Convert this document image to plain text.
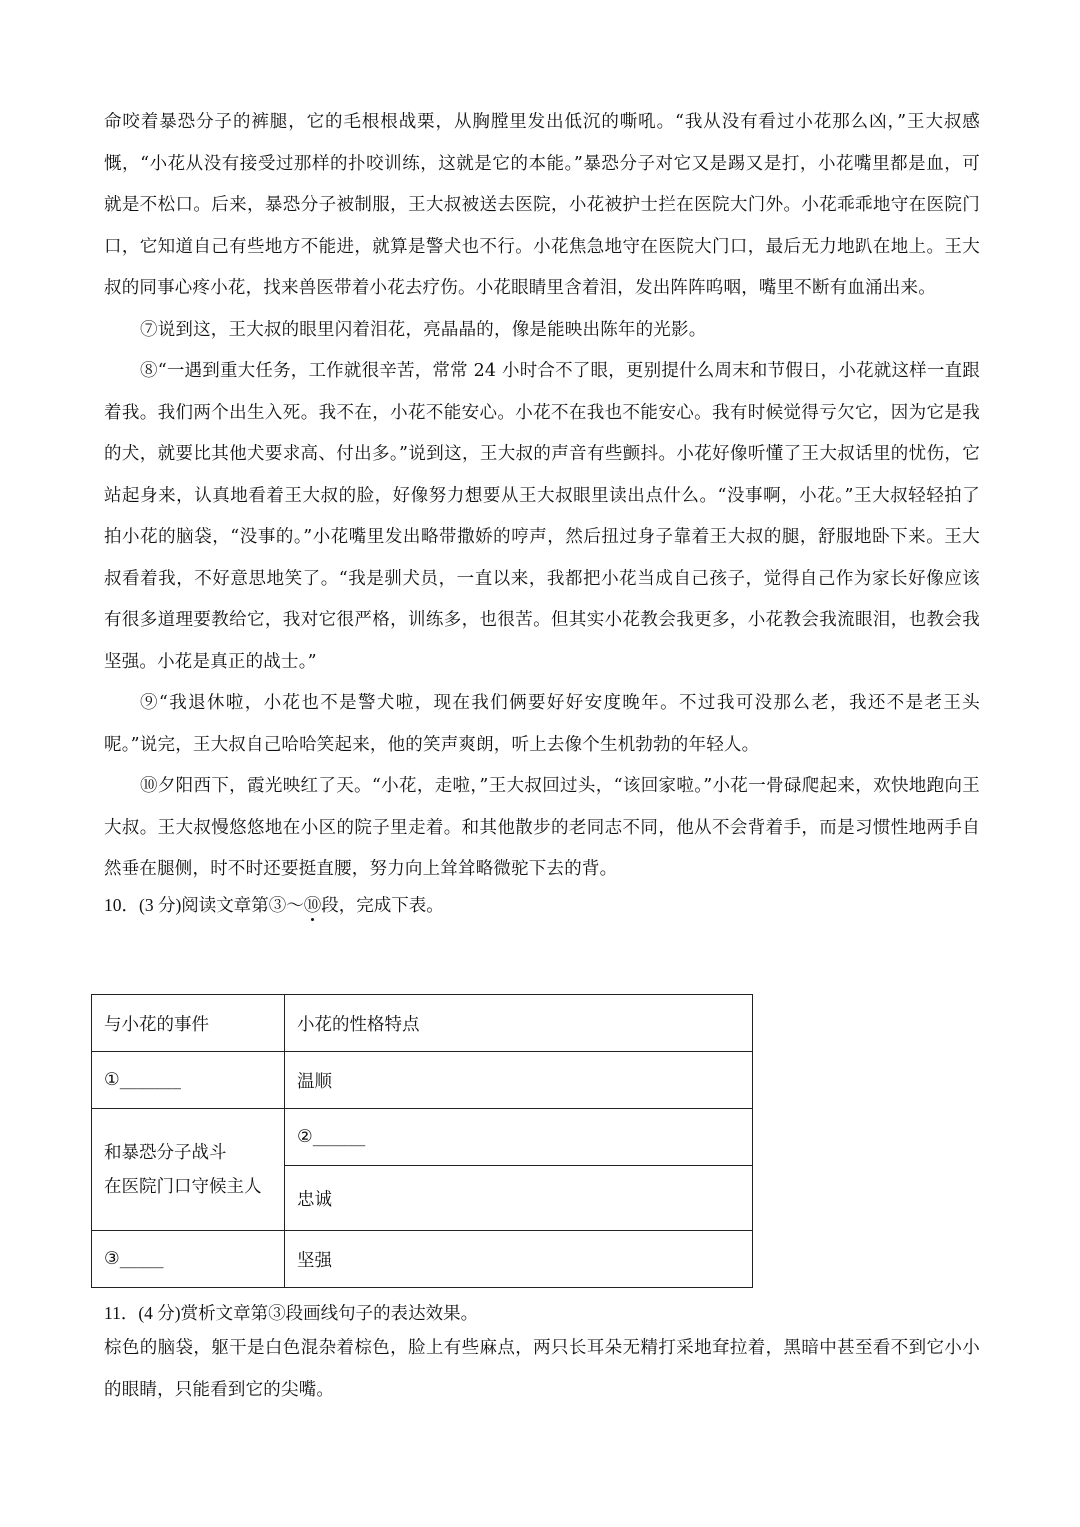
命咬着暴恐分子的裤腿，它的毛根根战栗，从胸膛里发出低沉的嘶吼。“我从没有看过小花那么凶，”王大叔感慨，“小花从没有接受过那样的扑咬训练，这就是它的本能。”暴恐分子对它又是踢又是打，小花嘴里都是血，可就是不松口。后来，暴恐分子被制服，王大叔被送去医院，小花被护士拦在医院大门外。小花乖乖地守在医院门口，它知道自己有些地方不能进，就算是警犬也不行。小花焦急地守在医院大门口，最后无力地趴在地上。王大叔的同事心疼小花，找来兽医带着小花去疗伤。小花眼睛里含着泪，发出阵阵呜咽，嘴里不断有血涌出来。

⑦说到这，王大叔的眼里闪着泪花，亮晶晶的，像是能映出陈年的光影。

⑧“一遇到重大任务，工作就很辛苦，常常 24 小时合不了眼，更别提什么周末和节假日，小花就这样一直跟着我。我们两个出生入死。我不在，小花不能安心。小花不在我也不能安心。我有时候觉得亏欠它，因为它是我的犬，就要比其他犬要求高、付出多。”说到这，王大叔的声音有些颤抖。小花好像听懂了王大叔话里的忧伤，它站起身来，认真地看着王大叔的脸，好像努力想要从王大叔眼里读出点什么。“没事啊，小花。”王大叔轻轻拍了拍小花的脑袋，“没事的。”小花嘴里发出略带撒娇的哼声，然后扭过身子靠着王大叔的腿，舒服地卧下来。王大叔看着我，不好意思地笑了。“我是驯犬员，一直以来，我都把小花当成自己孩子，觉得自己作为家长好像应该有很多道理要教给它，我对它很严格，训练多，也很苦。但其实小花教会我更多，小花教会我流眼泪，也教会我坚强。小花是真正的战士。”

⑨“我退休啦，小花也不是警犬啦，现在我们俩要好好安度晚年。不过我可没那么老，我还不是老王头呢。”说完，王大叔自己哈哈笑起来，他的笑声爽朗，听上去像个生机勃勃的年轻人。

⑩夕阳西下，霞光映红了天。“小花，走啦，”王大叔回过头，“该回家啦。”小花一骨碌爬起来，欢快地跑向王大叔。王大叔慢悠悠地在小区的院子里走着。和其他散步的老同志不同，他从不会背着手，而是习惯性地两手自然垂在腿侧，时不时还要挺直腰，努力向上耸耸略微驼下去的背。

10．(3 分)阅读文章第③～⑩段，完成下表。

与小花的事件	小花的性格特点
①_______	温顺

和暴恐分子战斗
在医院门口守候主人	②______
	忠诚
③_____	坚强

11．(4 分)赏析文章第③段画线句子的表达效果。

棕色的脑袋，躯干是白色混杂着棕色，脸上有些麻点，两只长耳朵无精打采地耷拉着，黑暗中甚至看不到它小小的眼睛，只能看到它的尖嘴。
